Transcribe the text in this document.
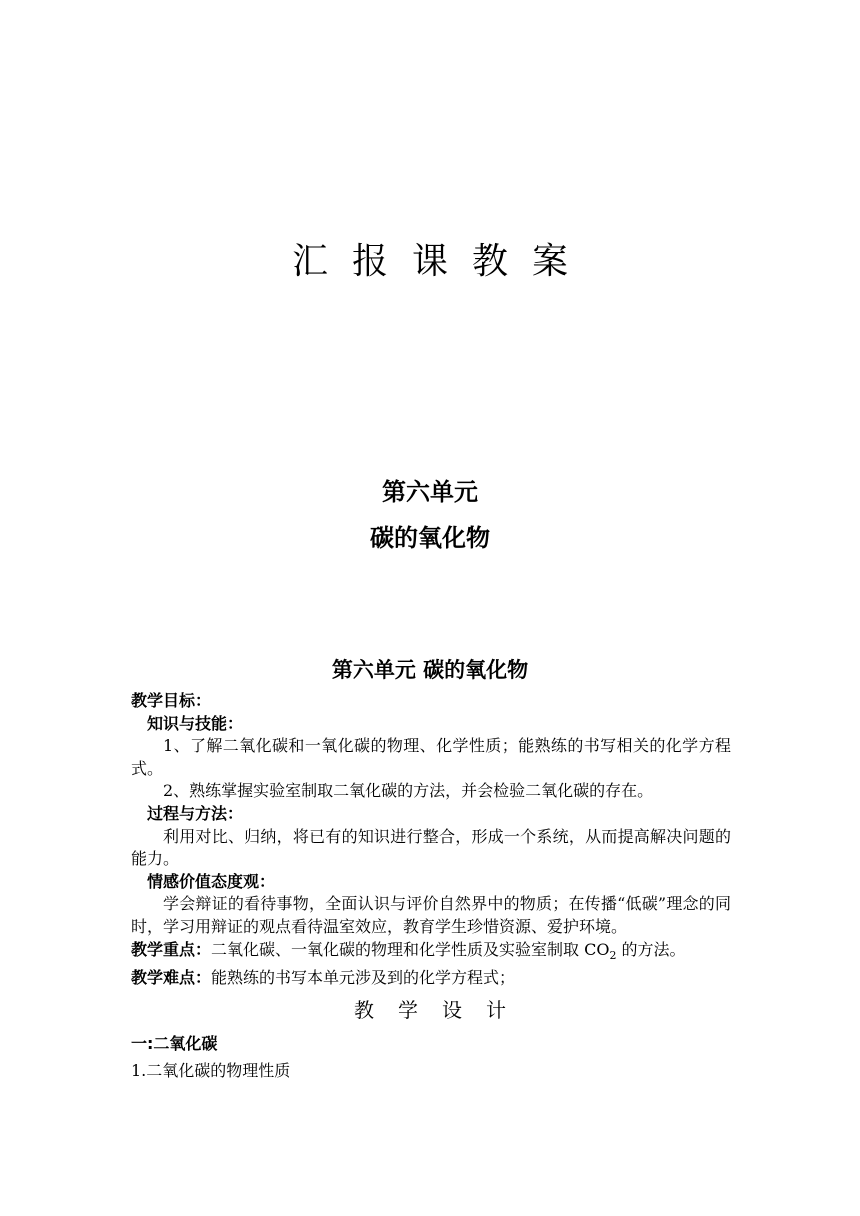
汇 报 课 教 案
第六单元
碳的氧化物
第六单元 碳的氧化物

教学目标：

知识与技能：

1、了解二氧化碳和一氧化碳的物理、化学性质；能熟练的书写相关的化学方程式。

2、熟练掌握实验室制取二氧化碳的方法，并会检验二氧化碳的存在。

过程与方法：

利用对比、归纳，将已有的知识进行整合，形成一个系统，从而提高解决问题的能力。

情感价值态度观：

学会辩证的看待事物，全面认识与评价自然界中的物质；在传播“低碳”理念的同时，学习用辩证的观点看待温室效应，教育学生珍惜资源、爱护环境。

教学重点：二氧化碳、一氧化碳的物理和化学性质及实验室制取 $CO_2$ 的方法。

教学难点：能熟练的书写本单元涉及到的化学方程式；

教 学 设 计
一:二氧化碳
1.二氧化碳的物理性质
